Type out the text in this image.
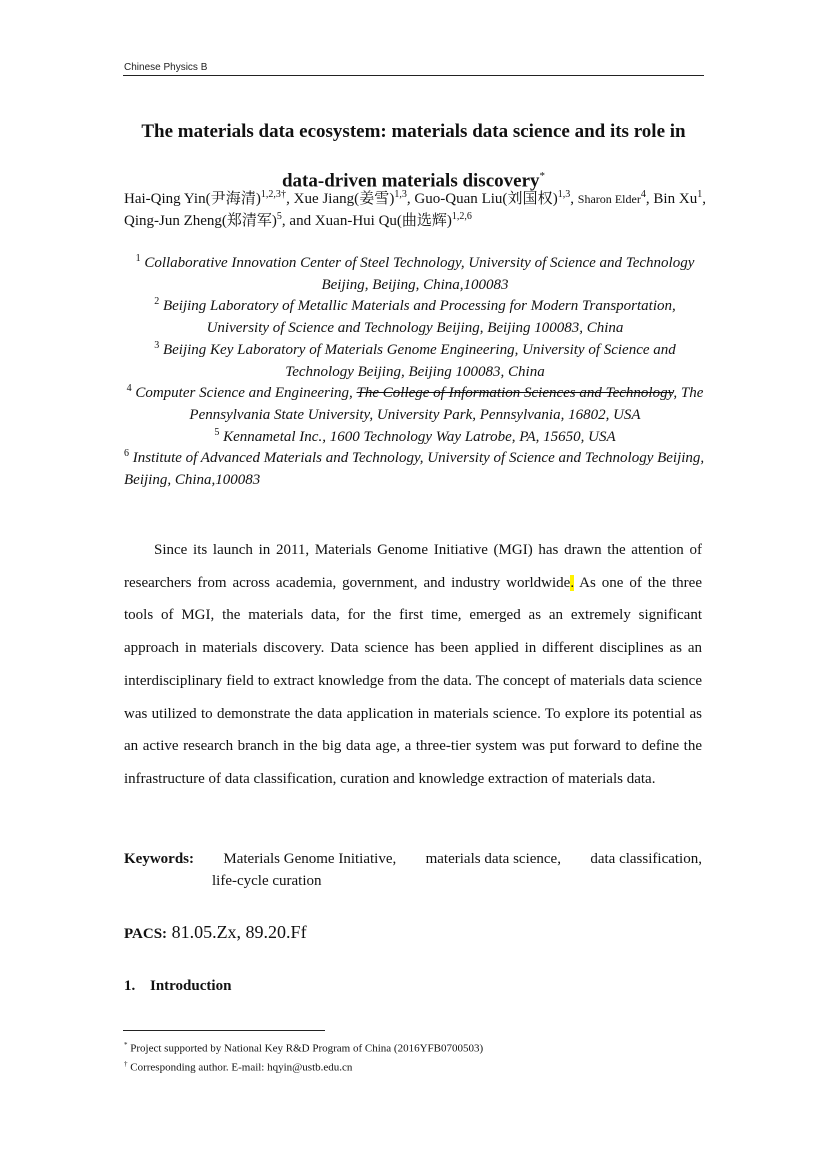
Chinese Physics B
The materials data ecosystem: materials data science and its role in
data-driven materials discovery*
Hai-Qing Yin(尹海清)$^{1,2,3\dagger}$, Xue Jiang(姜雪)$^{1,3}$, Guo-Quan Liu(刘国权)$^{1,3}$, Sharon Elder$^4$, Bin Xu$^1$, Qing-Jun Zheng(郑清军)$^5$, and Xuan-Hui Qu(曲选辉)$^{1,2,6}$

$^1$ Collaborative Innovation Center of Steel Technology, University of Science and Technology Beijing, Beijing, China,100083

$^2$ Beijing Laboratory of Metallic Materials and Processing for Modern Transportation, University of Science and Technology Beijing, Beijing 100083, China

$^3$ Beijing Key Laboratory of Materials Genome Engineering, University of Science and Technology Beijing, Beijing 100083, China

$^4$ Computer Science and Engineering, The College of Information Sciences and Technology, The Pennsylvania State University, University Park, Pennsylvania, 16802, USA

$^5$ Kennametal Inc., 1600 Technology Way Latrobe, PA, 15650, USA

$^6$ Institute of Advanced Materials and Technology, University of Science and Technology Beijing, Beijing, China,100083

Since its launch in 2011, Materials Genome Initiative (MGI) has drawn the attention of researchers from across academia, government, and industry worldwide. As one of the three tools of MGI, the materials data, for the first time, emerged as an extremely significant approach in materials discovery. Data science has been applied in different disciplines as an interdisciplinary field to extract knowledge from the data. The concept of materials data science was utilized to demonstrate the data application in materials science. To explore its potential as an active research branch in the big data age, a three-tier system was put forward to define the infrastructure of data classification, curation and knowledge extraction of materials data.

Keywords: Materials Genome Initiative, materials data science, data classification,
life-cycle curation

PACS: 81.05.Zx, 89.20.Ff

1. Introduction

* Project supported by National Key R&D Program of China (2016YFB0700503)

† Corresponding author. E-mail: hqyin@ustb.edu.cn
